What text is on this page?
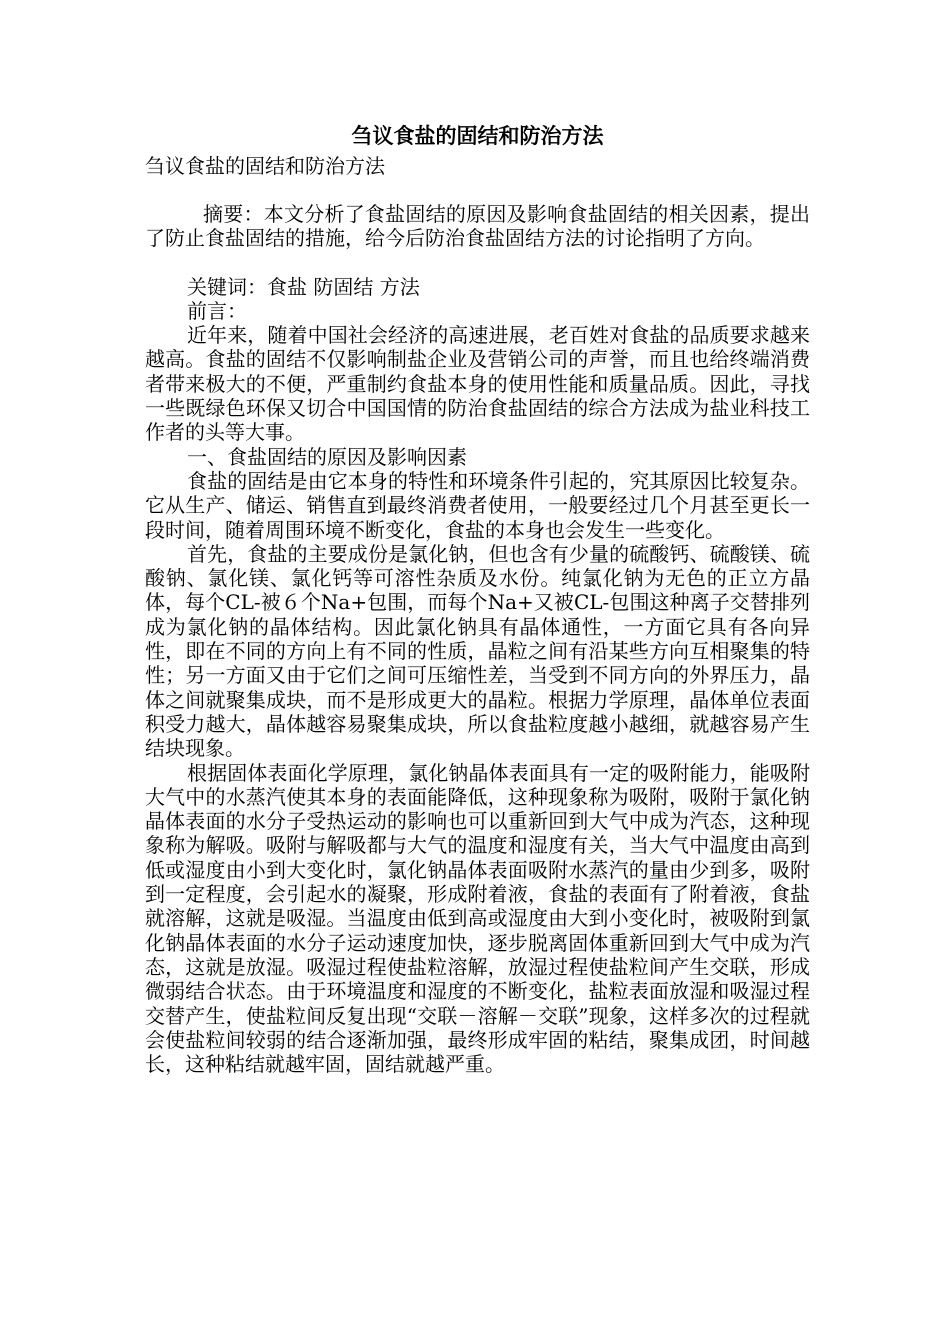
刍议食盐的固结和防治方法
刍议食盐的固结和防治方法

摘要：本文分析了食盐固结的原因及影响食盐固结的相关因素，提出了防止食盐固结的措施，给今后防治食盐固结方法的讨论指明了方向。

关键词：食盐 防固结 方法

前言：

近年来，随着中国社会经济的高速进展，老百姓对食盐的品质要求越来越高。食盐的固结不仅影响制盐企业及营销公司的声誉，而且也给终端消费者带来极大的不便，严重制约食盐本身的使用性能和质量品质。因此，寻找一些既绿色环保又切合中国国情的防治食盐固结的综合方法成为盐业科技工作者的头等大事。

一、食盐固结的原因及影响因素

食盐的固结是由它本身的特性和环境条件引起的，究其原因比较复杂。它从生产、储运、销售直到最终消费者使用，一般要经过几个月甚至更长一段时间，随着周围环境不断变化，食盐的本身也会发生一些变化。

首先，食盐的主要成份是氯化钠，但也含有少量的硫酸钙、硫酸镁、硫酸钠、氯化镁、氯化钙等可溶性杂质及水份。纯氯化钠为无色的正立方晶体，每个CL-被６个Na+包围，而每个Na+又被CL-包围这种离子交替排列成为氯化钠的晶体结构。因此氯化钠具有晶体通性，一方面它具有各向异性，即在不同的方向上有不同的性质，晶粒之间有沿某些方向互相聚集的特性；另一方面又由于它们之间可压缩性差，当受到不同方向的外界压力，晶体之间就聚集成块，而不是形成更大的晶粒。根据力学原理，晶体单位表面积受力越大，晶体越容易聚集成块，所以食盐粒度越小越细，就越容易产生结块现象。

根据固体表面化学原理，氯化钠晶体表面具有一定的吸附能力，能吸附大气中的水蒸汽使其本身的表面能降低，这种现象称为吸附，吸附于氯化钠晶体表面的水分子受热运动的影响也可以重新回到大气中成为汽态，这种现象称为解吸。吸附与解吸都与大气的温度和湿度有关，当大气中温度由高到低或湿度由小到大变化时，氯化钠晶体表面吸附水蒸汽的量由少到多，吸附到一定程度，会引起水的凝聚，形成附着液，食盐的表面有了附着液，食盐就溶解，这就是吸湿。当温度由低到高或湿度由大到小变化时，被吸附到氯化钠晶体表面的水分子运动速度加快，逐步脱离固体重新回到大气中成为汽态，这就是放湿。吸湿过程使盐粒溶解，放湿过程使盐粒间产生交联，形成微弱结合状态。由于环境温度和湿度的不断变化，盐粒表面放湿和吸湿过程交替产生，使盐粒间反复出现“交联－溶解－交联”现象，这样多次的过程就会使盐粒间较弱的结合逐渐加强，最终形成牢固的粘结，聚集成团，时间越长，这种粘结就越牢固，固结就越严重。
